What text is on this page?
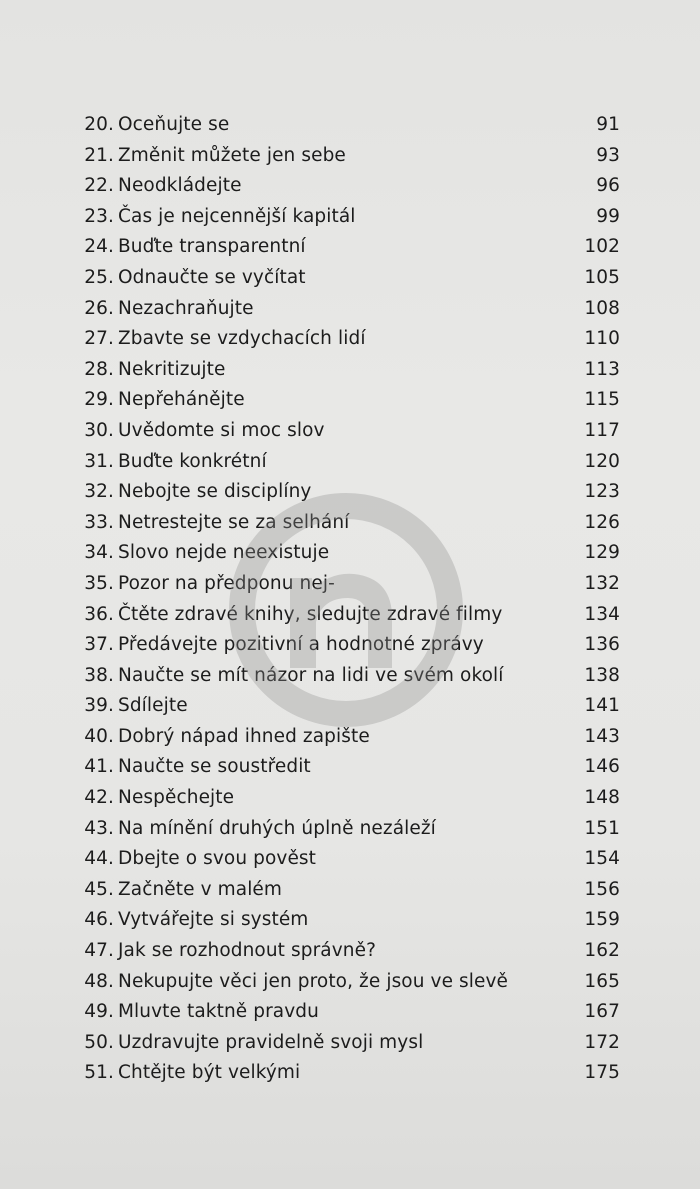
20. Oceňujte se	91
21. Změnit můžete jen sebe	93
22. Neodkládejte	96
23. Čas je nejcennější kapitál	99
24. Buďte transparentní	102
25. Odnaučte se vyčítat	105
26. Nezachraňujte	108
27. Zbavte se vzdychacích lidí	110
28. Nekritizujte	113
29. Nepřehánějte	115
30. Uvědomte si moc slov	117
31. Buďte konkrétní	120
32. Nebojte se disciplíny	123
33. Netrestejte se za selhání	126
34. Slovo nejde neexistuje	129
35. Pozor na předponu nej-	132
36. Čtěte zdravé knihy, sledujte zdravé filmy	134
37. Předávejte pozitivní a hodnotné zprávy	136
38. Naučte se mít názor na lidi ve svém okolí	138
39. Sdílejte	141
40. Dobrý nápad ihned zapište	143
41. Naučte se soustředit	146
42. Nespěchejte	148
43. Na mínění druhých úplně nezáleží	151
44. Dbejte o svou pověst	154
45. Začněte v malém	156
46. Vytvářejte si systém	159
47. Jak se rozhodnout správně?	162
48. Nekupujte věci jen proto, že jsou ve slevě	165
49. Mluvte taktně pravdu	167
50. Uzdravujte pravidelně svoji mysl	172
51. Chtějte být velkými	175
